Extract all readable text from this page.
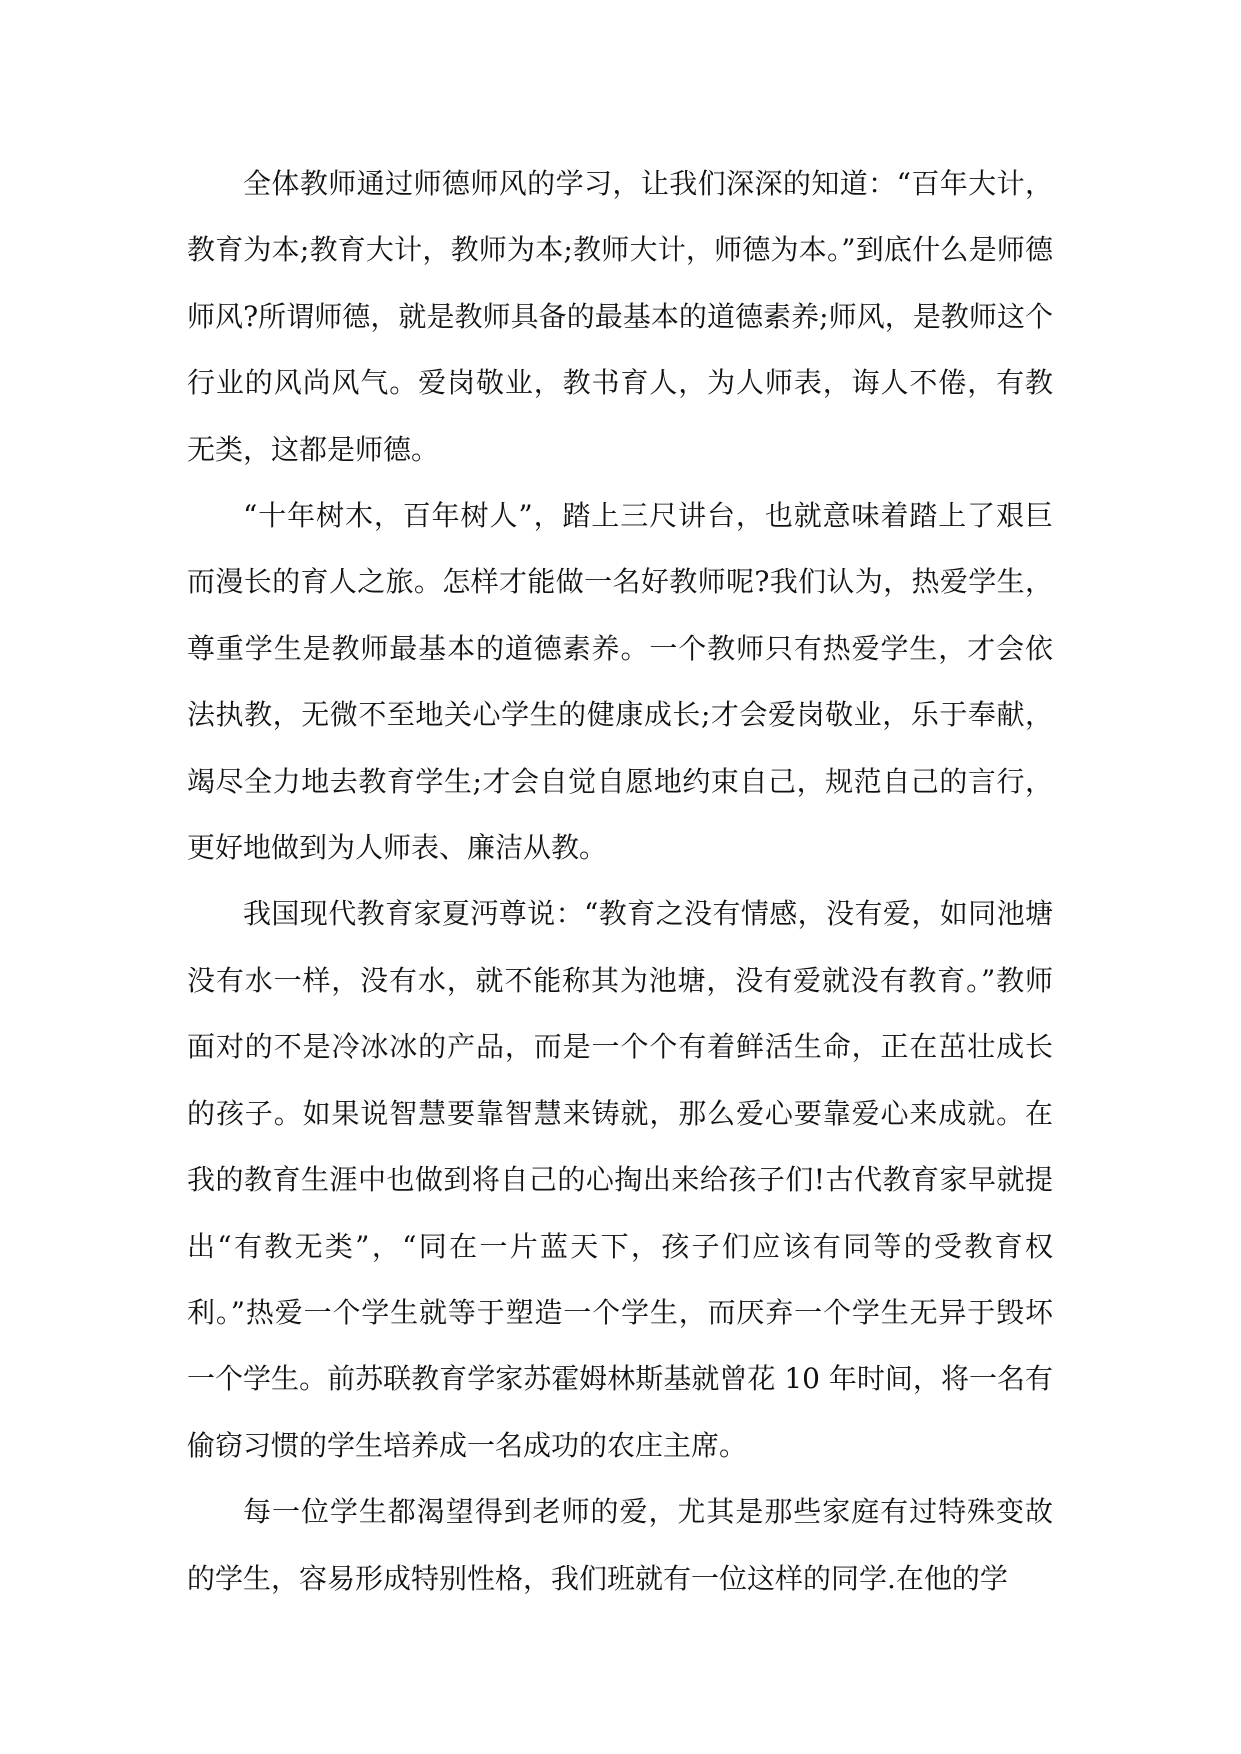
全体教师通过师德师风的学习，让我们深深的知道：“百年大计，教育为本;教育大计，教师为本;教师大计，师德为本。”到底什么是师德师风?所谓师德，就是教师具备的最基本的道德素养;师风，是教师这个行业的风尚风气。爱岗敬业，教书育人，为人师表，诲人不倦，有教无类，这都是师德。

“十年树木，百年树人”，踏上三尺讲台，也就意味着踏上了艰巨而漫长的育人之旅。怎样才能做一名好教师呢?我们认为，热爱学生，尊重学生是教师最基本的道德素养。一个教师只有热爱学生，才会依法执教，无微不至地关心学生的健康成长;才会爱岗敬业，乐于奉献，竭尽全力地去教育学生;才会自觉自愿地约束自己，规范自己的言行，更好地做到为人师表、廉洁从教。

我国现代教育家夏沔尊说：“教育之没有情感，没有爱，如同池塘没有水一样，没有水，就不能称其为池塘，没有爱就没有教育。”教师面对的不是冷冰冰的产品，而是一个个有着鲜活生命，正在茁壮成长的孩子。如果说智慧要靠智慧来铸就，那么爱心要靠爱心来成就。在我的教育生涯中也做到将自己的心掏出来给孩子们!古代教育家早就提出“有教无类”，“同在一片蓝天下，孩子们应该有同等的受教育权利。”热爱一个学生就等于塑造一个学生，而厌弃一个学生无异于毁坏一个学生。前苏联教育学家苏霍姆林斯基就曾花 10 年时间，将一名有偷窃习惯的学生培养成一名成功的农庄主席。

每一位学生都渴望得到老师的爱，尤其是那些家庭有过特殊变故的学生，容易形成特别性格，我们班就有一位这样的同学.在他的学
